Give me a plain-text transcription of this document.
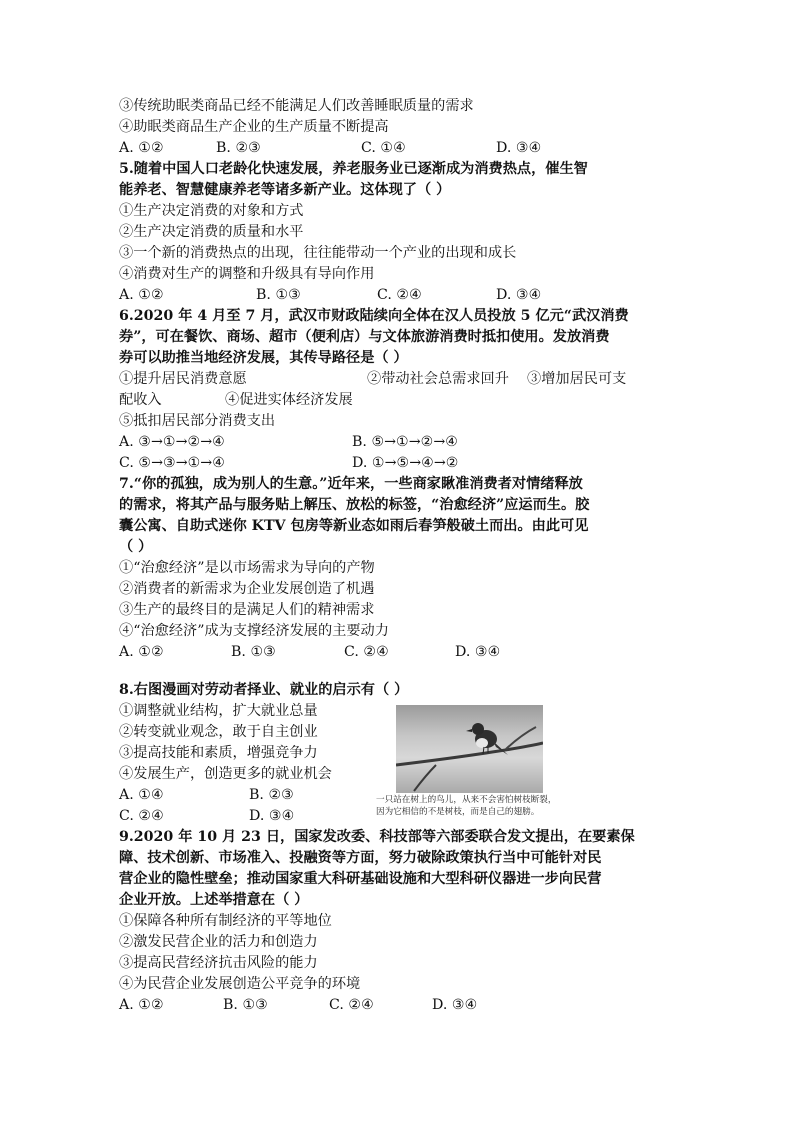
③传统助眠类商品已经不能满足人们改善睡眠质量的需求
④助眠类商品生产企业的生产质量不断提高
A. ①②	B. ②③	C. ①④	D. ③④
5.随着中国人口老龄化快速发展，养老服务业已逐渐成为消费热点，催生智
能养老、智慧健康养老等诸多新产业。这体现了（ ）
①生产决定消费的对象和方式
②生产决定消费的质量和水平
③一个新的消费热点的出现，往往能带动一个产业的出现和成长
④消费对生产的调整和升级具有导向作用
A. ①②	B. ①③	C. ②④	D. ③④
6.2020 年 4 月至 7 月，武汉市财政陆续向全体在汉人员投放 5 亿元“武汉消费
券”，可在餐饮、商场、超市（便利店）与文体旅游消费时抵扣使用。发放消费
券可以助推当地经济发展，其传导路径是（ ）
①提升居民消费意愿	②带动社会总需求回升 ③增加居民可支
配收入	④促进实体经济发展
⑤抵扣居民部分消费支出
A. ③→①→②→④	B. ⑤→①→②→④
C. ⑤→③→①→④	D. ①→⑤→④→②
7.“你的孤独，成为别人的生意。”近年来，一些商家瞅准消费者对情绪释放
的需求，将其产品与服务贴上解压、放松的标签，“治愈经济”应运而生。胶
囊公寓、自助式迷你 KTV 包房等新业态如雨后春笋般破土而出。由此可见
（ ）
①“治愈经济”是以市场需求为导向的产物
②消费者的新需求为企业发展创造了机遇
③生产的最终目的是满足人们的精神需求
④“治愈经济”成为支撑经济发展的主要动力
A. ①②	B. ①③	C. ②④	D. ③④
8.右图漫画对劳动者择业、就业的启示有（ ）
①调整就业结构，扩大就业总量
②转变就业观念，敢于自主创业
③提高技能和素质，增强竞争力
④发展生产，创造更多的就业机会
A. ①④	B. ②③
C. ②④	D. ③④
一只站在树上的鸟儿，从来不会害怕树枝断裂，
因为它相信的不是树枝，而是自己的翅膀。
9.2020 年 10 月 23 日，国家发改委、科技部等六部委联合发文提出，在要素保
障、技术创新、市场准入、投融资等方面，努力破除政策执行当中可能针对民
营企业的隐性壁垒；推动国家重大科研基础设施和大型科研仪器进一步向民营
企业开放。上述举措意在（ ）
①保障各种所有制经济的平等地位
②激发民营企业的活力和创造力
③提高民营经济抗击风险的能力
④为民营企业发展创造公平竞争的环境
A. ①②	B. ①③	C. ②④	D. ③④
